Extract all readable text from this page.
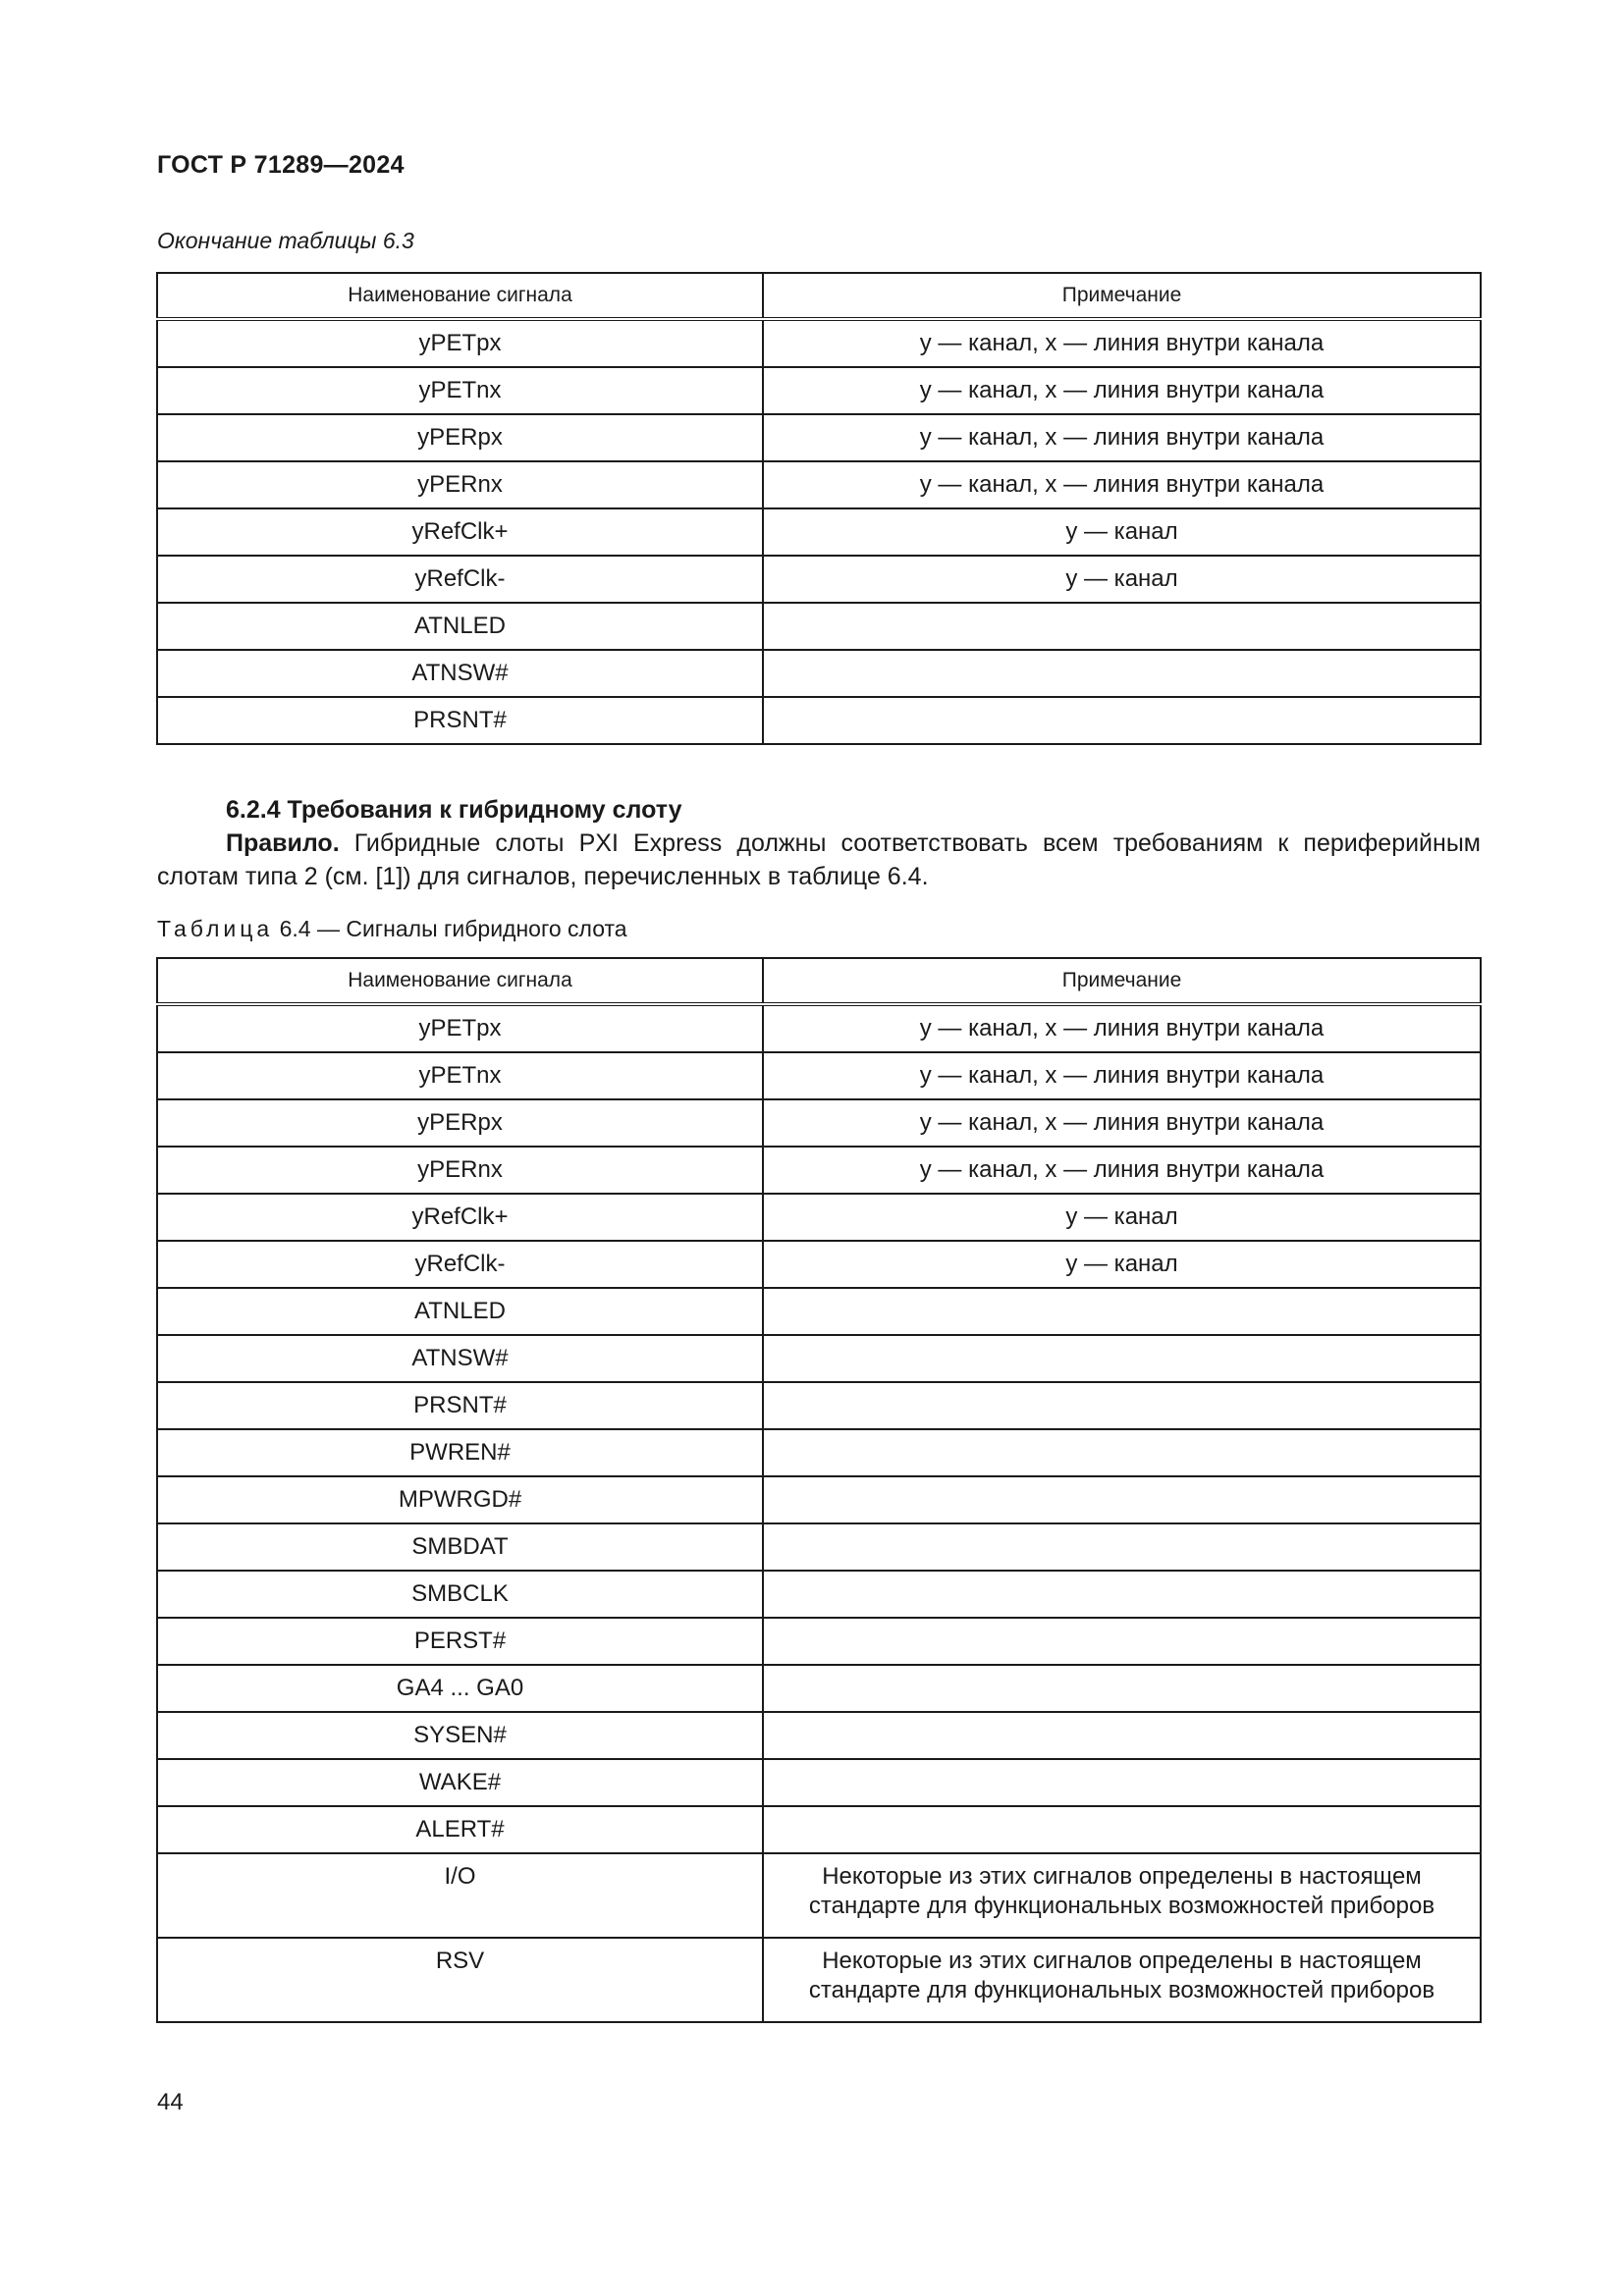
ГОСТ Р 71289—2024
Окончание таблицы 6.3
Наименование сигнала	Примечание
yPETpx	y — канал, x — линия внутри канала
yPETnx	y — канал, x — линия внутри канала
yPERpx	y — канал, x — линия внутри канала
yPERnx	y — канал, x — линия внутри канала
yRefClk+	y — канал
yRefClk-	y — канал
ATNLED	
ATNSW#	
PRSNT#	
6.2.4 Требования к гибридному слоту
Правило. Гибридные слоты PXI Express должны соответствовать всем требованиям к периферийным слотам типа 2 (см. [1]) для сигналов, перечисленных в таблице 6.4.
Таблица 6.4 — Сигналы гибридного слота
Наименование сигнала	Примечание
yPETpx	y — канал, x — линия внутри канала
yPETnx	y — канал, x — линия внутри канала
yPERpx	y — канал, x — линия внутри канала
yPERnx	y — канал, x — линия внутри канала
yRefClk+	y — канал
yRefClk-	y — канал
ATNLED	
ATNSW#	
PRSNT#	
PWREN#	
MPWRGD#	
SMBDAT	
SMBCLK	
PERST#	
GA4 ... GA0	
SYSEN#	
WAKE#	
ALERT#	
I/O	Некоторые из этих сигналов определены в настоящем стандарте для функциональных возможностей приборов
RSV	Некоторые из этих сигналов определены в настоящем стандарте для функциональных возможностей приборов
44
